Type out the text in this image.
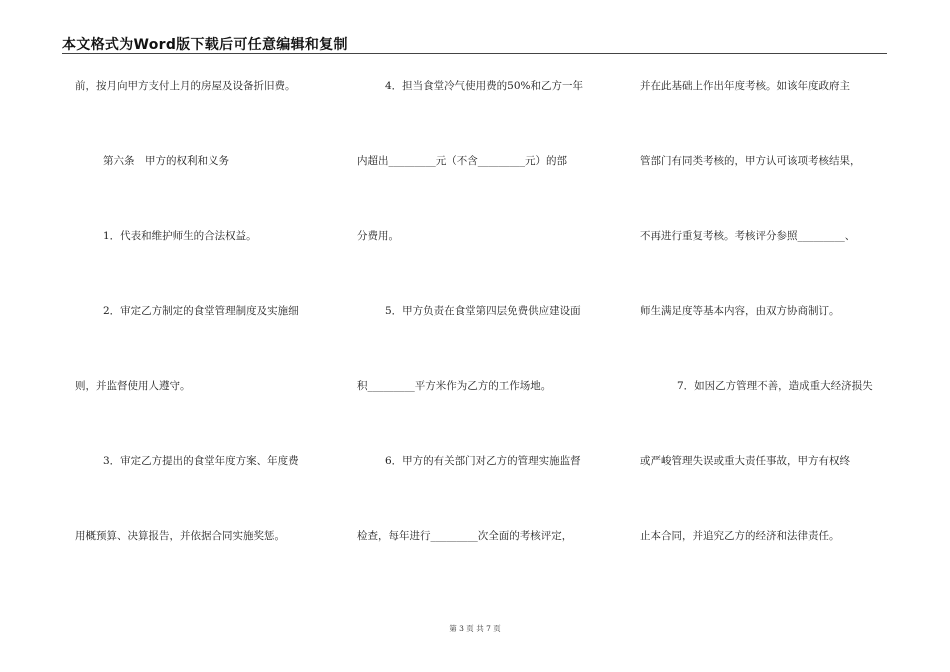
本文格式为Word版下载后可任意编辑和复制
前，按月向甲方支付上月的房屋及设备折旧费。
第六条　甲方的权利和义务
1．代表和维护师生的合法权益。
2．审定乙方制定的食堂管理制度及实施细
则，并监督使用人遵守。
3．审定乙方提出的食堂年度方案、年度费
用概预算、决算报告，并依据合同实施奖惩。
4．担当食堂冷气使用费的50%和乙方一年
内超出_________元（不含_________元）的部
分费用。
5．甲方负责在食堂第四层免费供应建设面
积_________平方米作为乙方的工作场地。
6．甲方的有关部门对乙方的管理实施监督
检查，每年进行_________次全面的考核评定，
并在此基础上作出年度考核。如该年度政府主
管部门有同类考核的，甲方认可该项考核结果，
不再进行重复考核。考核评分参照_________、
师生满足度等基本内容，由双方协商制订。
7．如因乙方管理不善，造成重大经济损失
或严峻管理失误或重大责任事故，甲方有权终
止本合同，并追究乙方的经济和法律责任。
第 3 页 共 7 页
